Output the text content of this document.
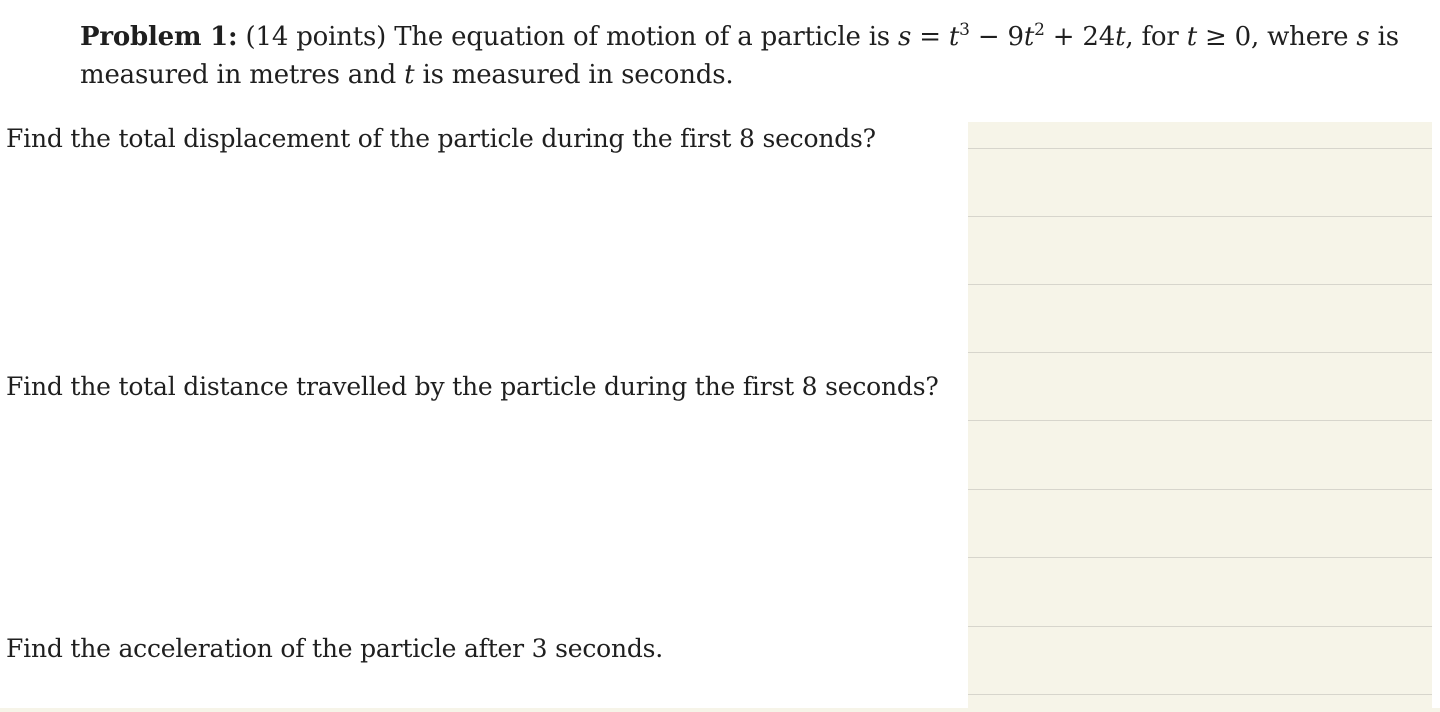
Problem 1: (14 points) The equation of motion of a particle is $s = t^3 - 9t^2 + 24t$, for t ≥ 0, where s is measured in metres and t is measured in seconds.
Find the total displacement of the particle during the first 8 seconds?
Find the total distance travelled by the particle during the first 8 seconds?
Find the acceleration of the particle after 3 seconds.
